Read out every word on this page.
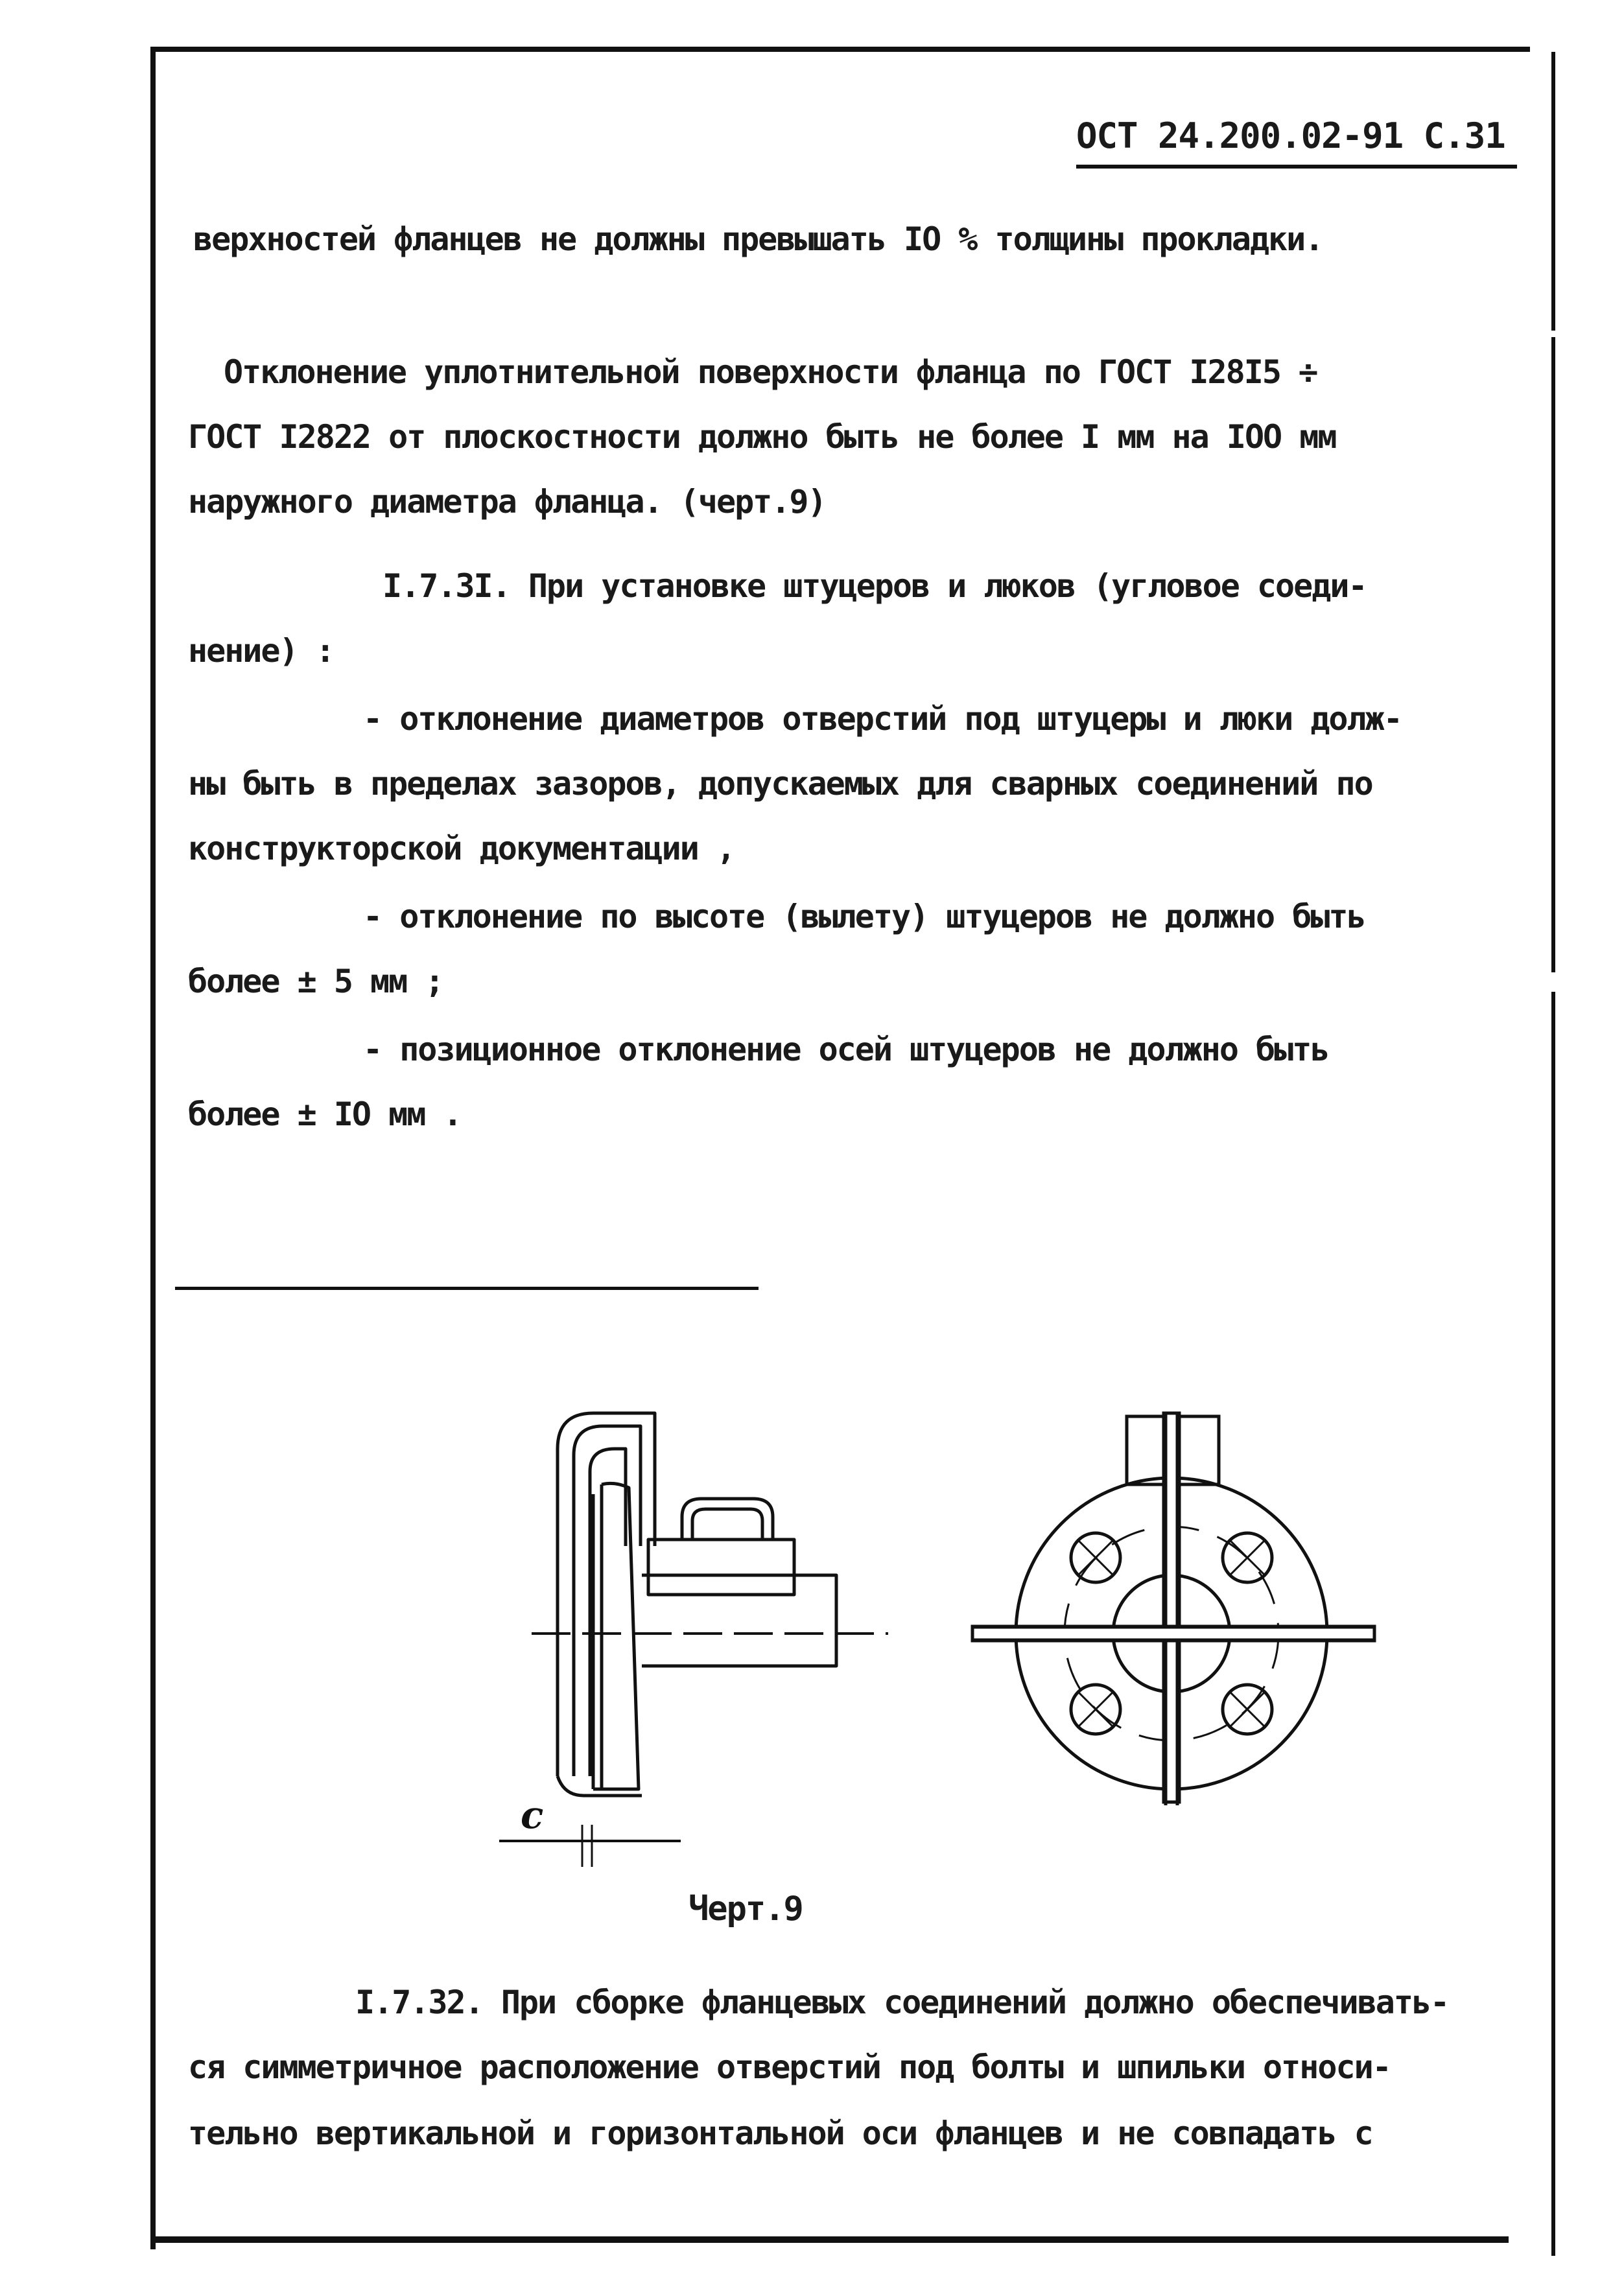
ОСТ 24.200.02-91 С.31
верхностей фланцев не должны превышать IO % толщины прокладки.
Отклонение уплотнительной поверхности фланца по ГОСТ I28I5 ÷
ГОСТ I2822 от плоскостности должно быть не более I мм на IOO мм
наружного диаметра фланца. (черт.9)
I.7.3I. При установке штуцеров и люков (угловое соеди-
нение) :
- отклонение диаметров отверстий под штуцеры и люки долж-
ны быть в пределах зазоров, допускаемых для сварных соединений по
конструкторской документации ,
- отклонение по высоте (вылету) штуцеров не должно быть
более ± 5 мм ;
- позиционное отклонение осей штуцеров не должно быть
более ± IO мм .
c
Черт.9
I.7.32. При сборке фланцевых соединений должно обеспечивать-
ся симметричное расположение отверстий под болты и шпильки относи-
тельно вертикальной и горизонтальной оси фланцев и не совпадать с
